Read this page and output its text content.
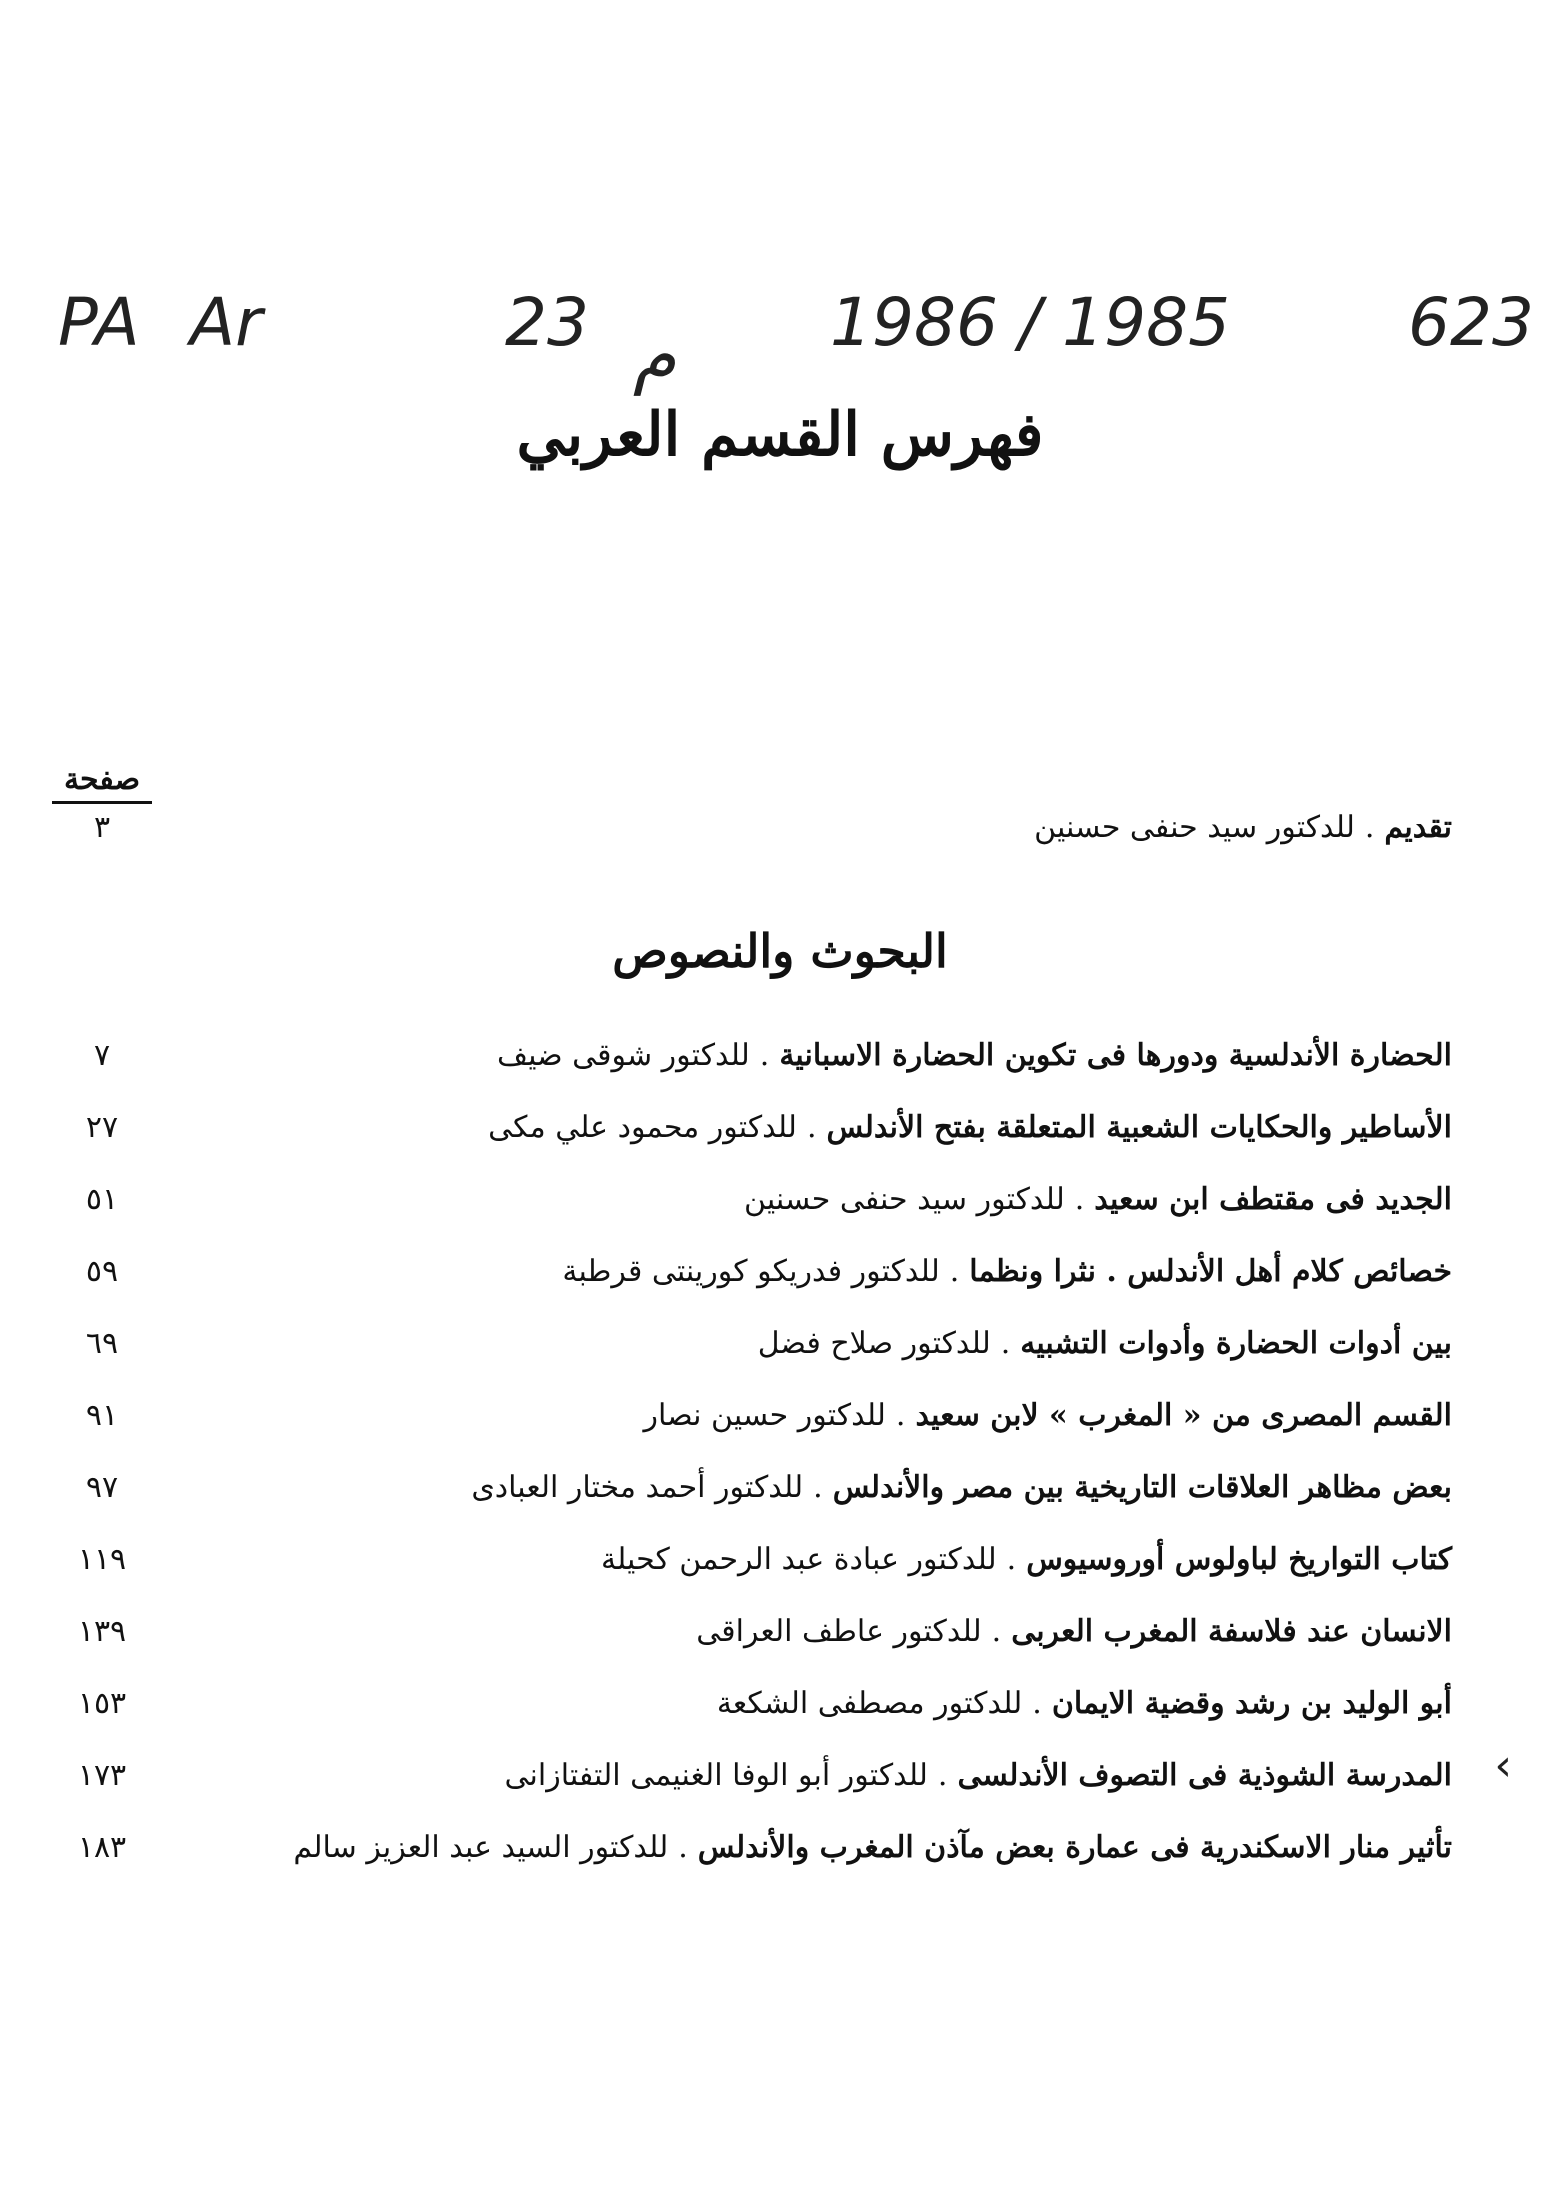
PA Ar	23 م 1986 / 1985	623
فهرس القسم العربي
صفحة
تقديم.للدكتور سيد حنفى حسنين
٣
البحوث والنصوص
الحضارة الأندلسية ودورها فى تكوين الحضارة الاسبانية.للدكتور شوقى ضيف
٧
الأساطير والحكايات الشعبية المتعلقة بفتح الأندلس.للدكتور محمود علي مكى
٢٧
الجديد فى مقتطف ابن سعيد.للدكتور سيد حنفى حسنين
٥١
خصائص كلام أهل الأندلس . نثرا ونظما.للدكتور فدريكو كورينتى قرطبة
٥٩
بين أدوات الحضارة وأدوات التشبيه.للدكتور صلاح فضل
٦٩
القسم المصرى من « المغرب » لابن سعيد.للدكتور حسين نصار
٩١
بعض مظاهر العلاقات التاريخية بين مصر والأندلس.للدكتور أحمد مختار العبادى
٩٧
كتاب التواريخ لباولوس أوروسيوس.للدكتور عبادة عبد الرحمن كحيلة
١١٩
الانسان عند فلاسفة المغرب العربى.للدكتور عاطف العراقى
١٣٩
أبو الوليد بن رشد وقضية الايمان.للدكتور مصطفى الشكعة
١٥٣
المدرسة الشوذية فى التصوف الأندلسى.للدكتور أبو الوفا الغنيمى التفتازانى
١٧٣
تأثير منار الاسكندرية فى عمارة بعض مآذن المغرب والأندلس.للدكتور السيد عبد العزيز سالم
١٨٣
‹
